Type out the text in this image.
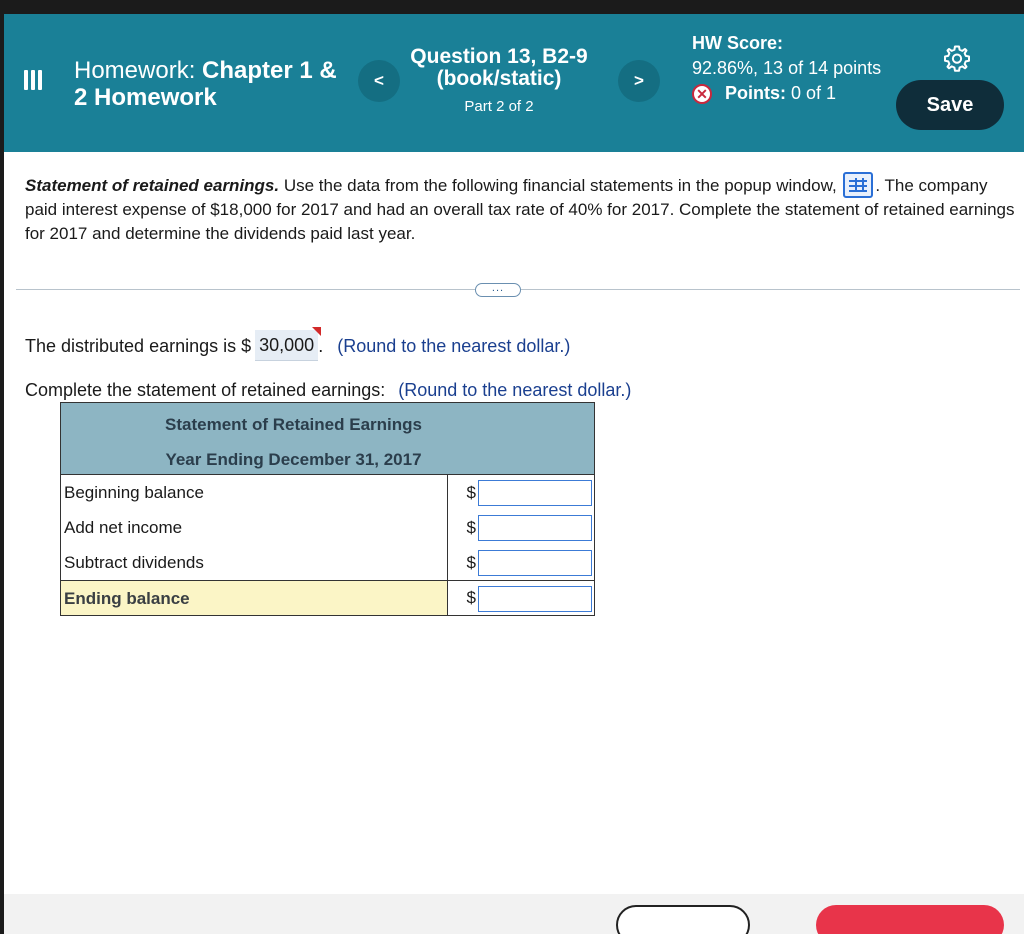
Homework: Chapter 1 & 2 Homework
<
Question 13, B2-9 (book/static)
Part 2 of 2
>
HW Score:
92.86%, 13 of 14 points
✕ Points:
0 of 1
Save
Statement of retained earnings. Use the data from the following financial statements in the popup window,
. The company paid interest expense of $18,000 for 2017 and had an overall tax rate of 40% for 2017. Complete the statement of retained earnings for 2017 and determine the dividends paid last year.
...
The distributed earnings is $ 30,000 . (Round to the nearest dollar.)
Complete the statement of retained earnings: (Round to the nearest dollar.)
Statement of Retained Earnings
Year Ending December 31, 2017
Beginning balance	$
Add net income	$
Subtract dividends	$
Ending balance	$
